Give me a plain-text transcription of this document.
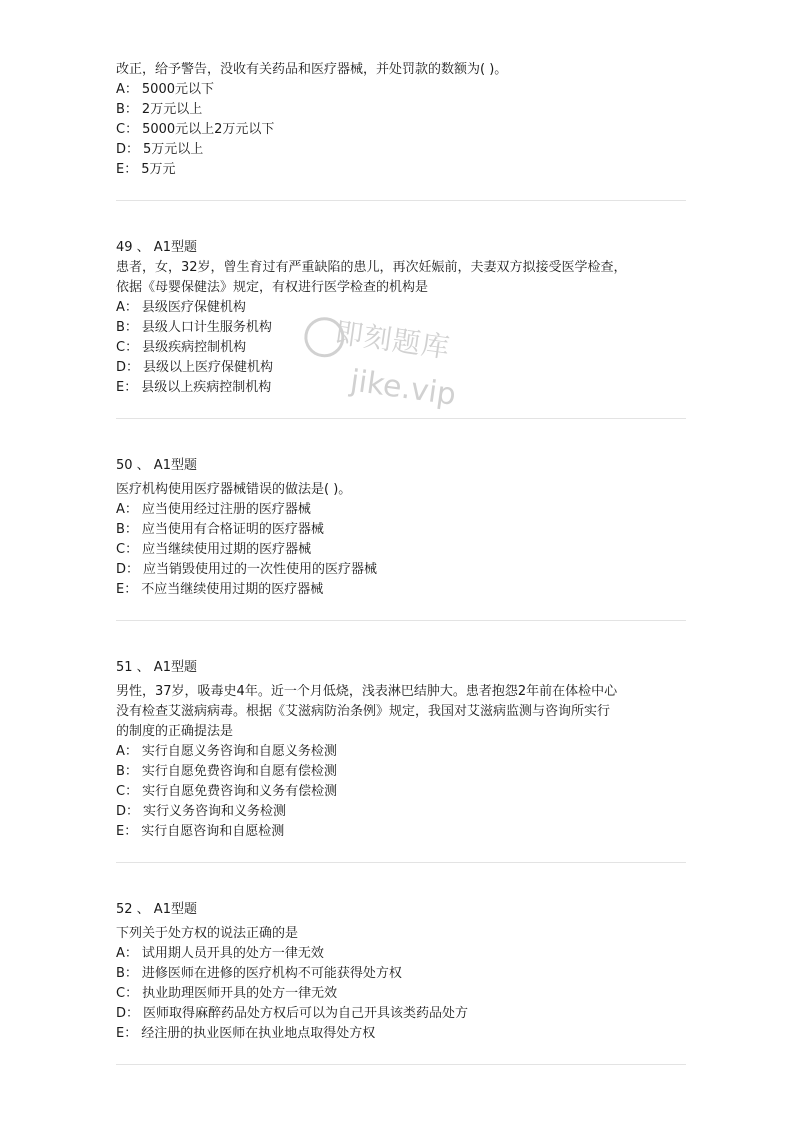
改正，给予警告，没收有关药品和医疗器械，并处罚款的数额为( )。
A： 5000元以下
B： 2万元以上
C： 5000元以上2万元以下
D： 5万元以上
E： 5万元
49 、 A1型题
患者，女，32岁，曾生育过有严重缺陷的患儿，再次妊娠前，夫妻双方拟接受医学检查，
依据《母婴保健法》规定，有权进行医学检查的机构是
A： 县级医疗保健机构
B： 县级人口计生服务机构
C： 县级疾病控制机构
D： 县级以上医疗保健机构
E： 县级以上疾病控制机构
50 、 A1型题
医疗机构使用医疗器械错误的做法是( )。
A： 应当使用经过注册的医疗器械
B： 应当使用有合格证明的医疗器械
C： 应当继续使用过期的医疗器械
D： 应当销毁使用过的一次性使用的医疗器械
E： 不应当继续使用过期的医疗器械
51 、 A1型题
男性，37岁，吸毒史4年。近一个月低烧，浅表淋巴结肿大。患者抱怨2年前在体检中心
没有检查艾滋病病毒。根据《艾滋病防治条例》规定，我国对艾滋病监测与咨询所实行
的制度的正确提法是
A： 实行自愿义务咨询和自愿义务检测
B： 实行自愿免费咨询和自愿有偿检测
C： 实行自愿免费咨询和义务有偿检测
D： 实行义务咨询和义务检测
E： 实行自愿咨询和自愿检测
52 、 A1型题
下列关于处方权的说法正确的是
A： 试用期人员开具的处方一律无效
B： 进修医师在进修的医疗机构不可能获得处方权
C： 执业助理医师开具的处方一律无效
D： 医师取得麻醉药品处方权后可以为自己开具该类药品处方
E： 经注册的执业医师在执业地点取得处方权
即刻题库
jike.vip
